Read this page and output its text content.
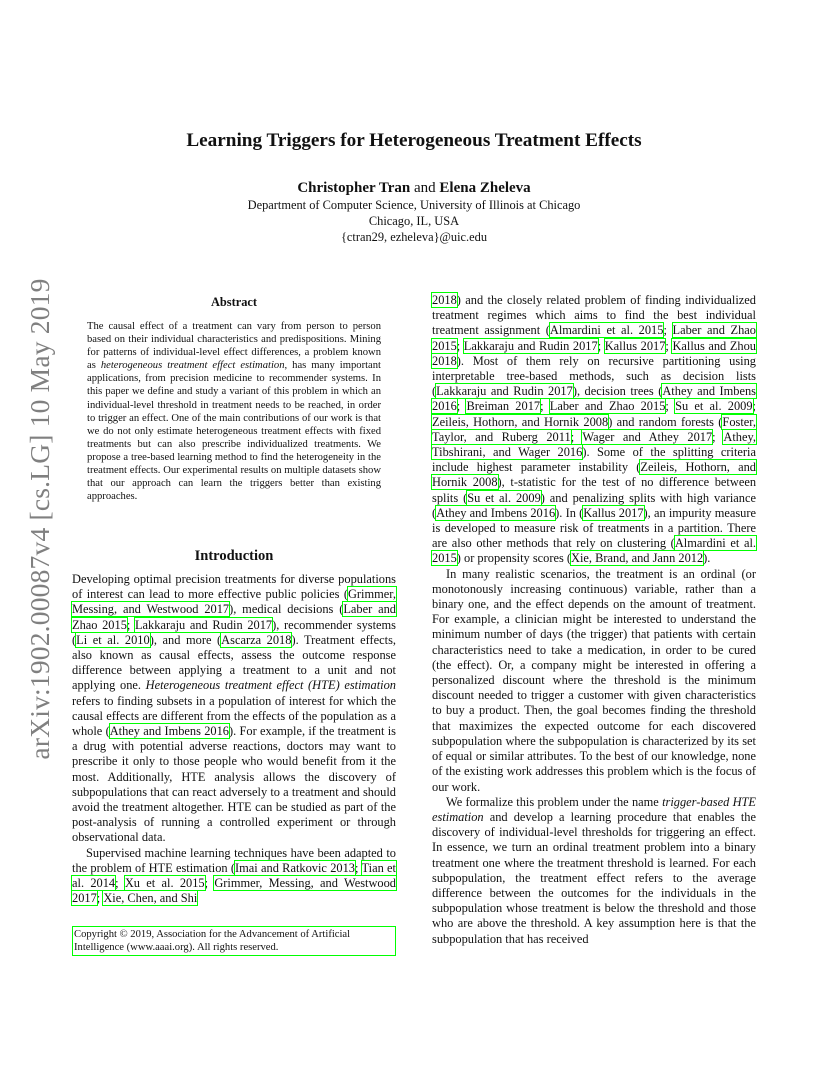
arXiv:1902.00087v4 [cs.LG] 10 May 2019
Learning Triggers for Heterogeneous Treatment Effects
Christopher Tran and Elena Zheleva
Department of Computer Science, University of Illinois at Chicago
Chicago, IL, USA
{ctran29, ezheleva}@uic.edu
Abstract
The causal effect of a treatment can vary from person to person based on their individual characteristics and predispositions. Mining for patterns of individual-level effect differences, a problem known as heterogeneous treatment effect estimation, has many important applications, from precision medicine to recommender systems. In this paper we define and study a variant of this problem in which an individual-level threshold in treatment needs to be reached, in order to trigger an effect. One of the main contributions of our work is that we do not only estimate heterogeneous treatment effects with fixed treatments but can also prescribe individualized treatments. We propose a tree-based learning method to find the heterogeneity in the treatment effects. Our experimental results on multiple datasets show that our approach can learn the triggers better than existing approaches.
Introduction

Developing optimal precision treatments for diverse populations of interest can lead to more effective public policies (Grimmer, Messing, and Westwood 2017), medical decisions (Laber and Zhao 2015; Lakkaraju and Rudin 2017), recommender systems (Li et al. 2010), and more (Ascarza 2018). Treatment effects, also known as causal effects, assess the outcome response difference between applying a treatment to a unit and not applying one. Heterogeneous treatment effect (HTE) estimation refers to finding subsets in a population of interest for which the causal effects are different from the effects of the population as a whole (Athey and Imbens 2016). For example, if the treatment is a drug with potential adverse reactions, doctors may want to prescribe it only to those people who would benefit from it the most. Additionally, HTE analysis allows the discovery of subpopulations that can react adversely to a treatment and should avoid the treatment altogether. HTE can be studied as part of the post-analysis of running a controlled experiment or through observational data.

Supervised machine learning techniques have been adapted to the problem of HTE estimation (Imai and Ratkovic 2013; Tian et al. 2014; Xu et al. 2015; Grimmer, Messing, and Westwood 2017; Xie, Chen, and Shi

Copyright © 2019, Association for the Advancement of Artificial Intelligence (www.aaai.org). All rights reserved.

2018) and the closely related problem of finding individualized treatment regimes which aims to find the best individual treatment assignment (Almardini et al. 2015; Laber and Zhao 2015; Lakkaraju and Rudin 2017; Kallus 2017; Kallus and Zhou 2018). Most of them rely on recursive partitioning using interpretable tree-based methods, such as decision lists (Lakkaraju and Rudin 2017), decision trees (Athey and Imbens 2016; Breiman 2017; Laber and Zhao 2015; Su et al. 2009; Zeileis, Hothorn, and Hornik 2008) and random forests (Foster, Taylor, and Ruberg 2011; Wager and Athey 2017; Athey, Tibshirani, and Wager 2016). Some of the splitting criteria include highest parameter instability (Zeileis, Hothorn, and Hornik 2008), t-statistic for the test of no difference between splits (Su et al. 2009) and penalizing splits with high variance (Athey and Imbens 2016). In (Kallus 2017), an impurity measure is developed to measure risk of treatments in a partition. There are also other methods that rely on clustering (Almardini et al. 2015) or propensity scores (Xie, Brand, and Jann 2012).

In many realistic scenarios, the treatment is an ordinal (or monotonously increasing continuous) variable, rather than a binary one, and the effect depends on the amount of treatment. For example, a clinician might be interested to understand the minimum number of days (the trigger) that patients with certain characteristics need to take a medication, in order to be cured (the effect). Or, a company might be interested in offering a personalized discount where the threshold is the minimum discount needed to trigger a customer with given characteristics to buy a product. Then, the goal becomes finding the threshold that maximizes the expected outcome for each discovered subpopulation where the subpopulation is characterized by its set of equal or similar attributes. To the best of our knowledge, none of the existing work addresses this problem which is the focus of our work.

We formalize this problem under the name trigger-based HTE estimation and develop a learning procedure that enables the discovery of individual-level thresholds for triggering an effect. In essence, we turn an ordinal treatment problem into a binary treatment one where the treatment threshold is learned. For each subpopulation, the treatment effect refers to the average difference between the outcomes for the individuals in the subpopulation whose treatment is below the threshold and those who are above the threshold. A key assumption here is that the subpopulation that has received
